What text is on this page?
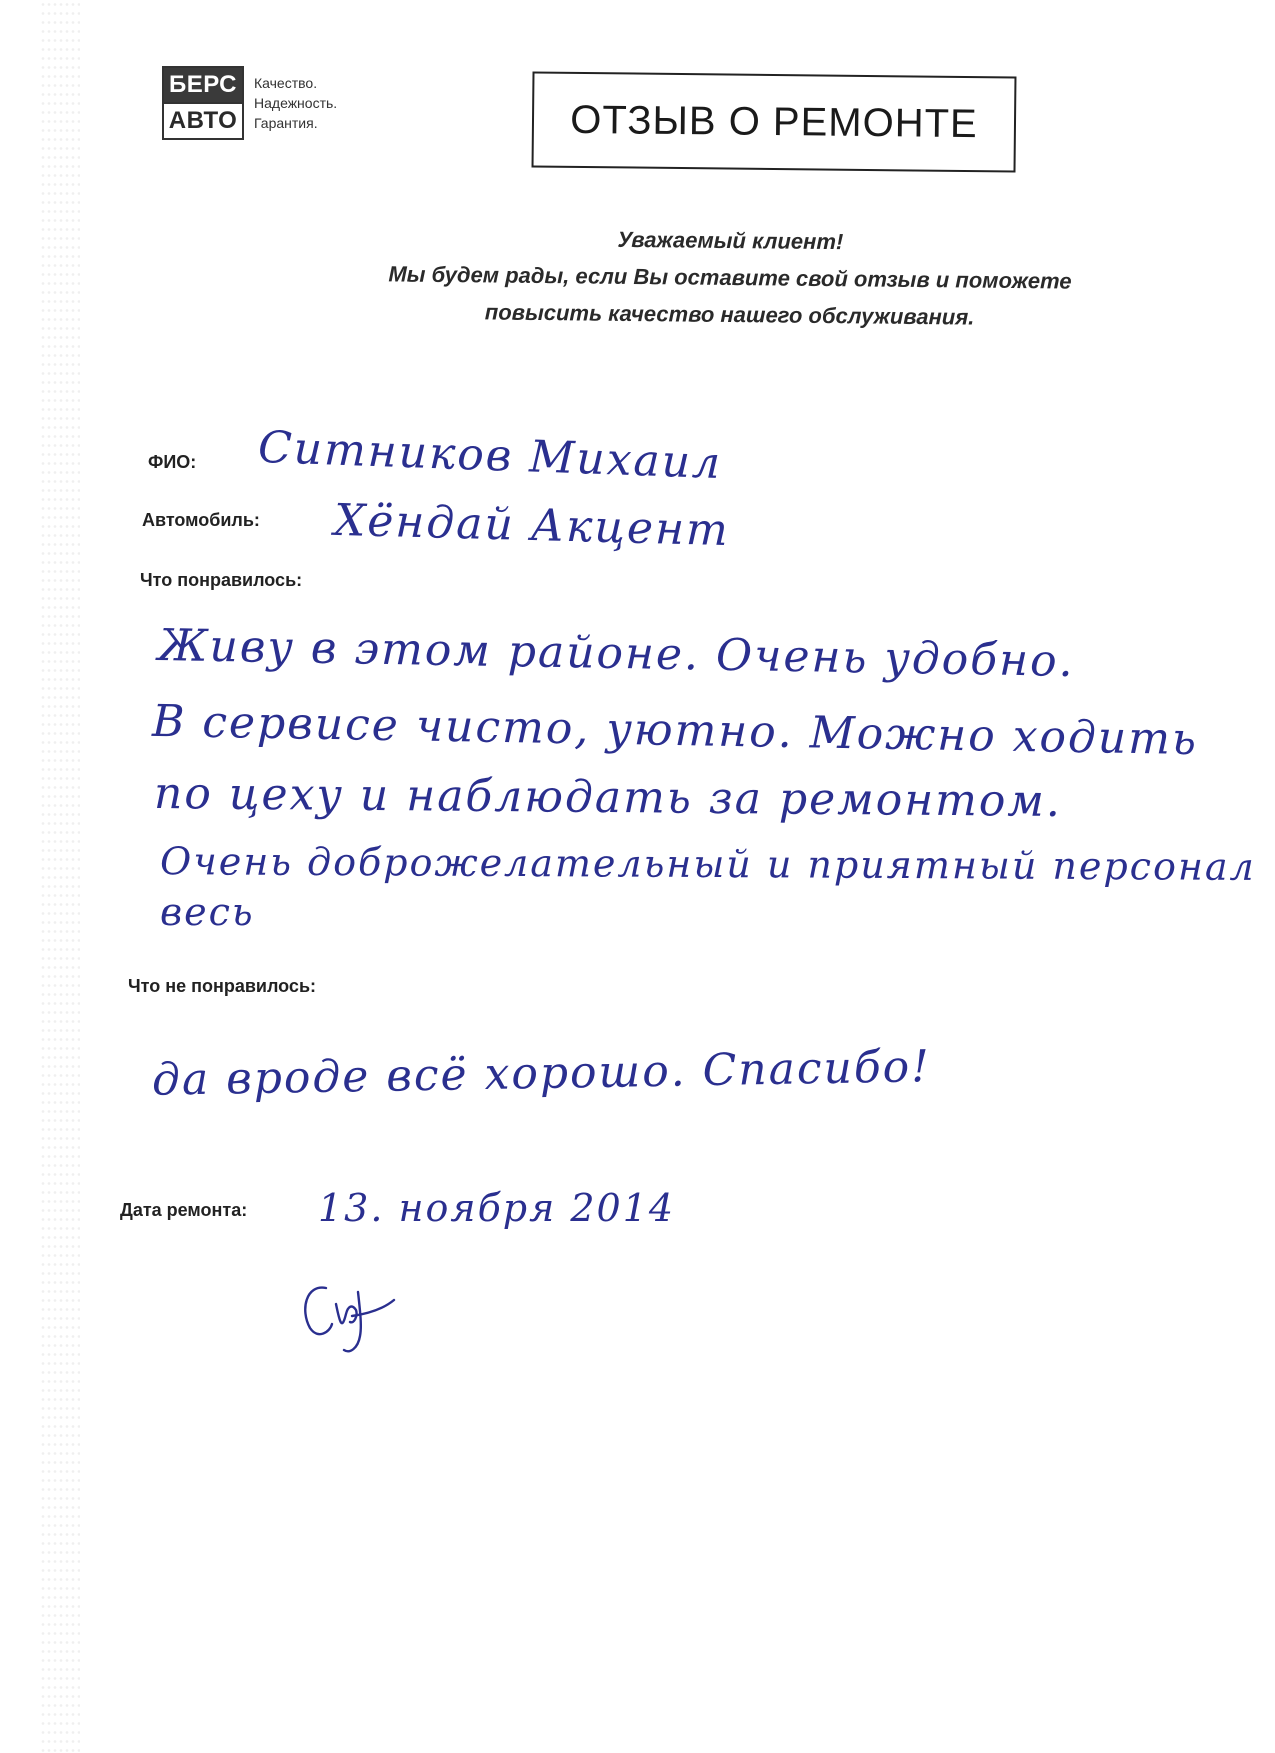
БЕРС
АВТО
Качество.
Надежность.
Гарантия.	ОТЗЫВ О РЕМОНТЕ
Уважаемый клиент!
Мы будем рады, если Вы оставите свой отзыв и поможете
повысить качество нашего обслуживания.
ФИО: Ситников Михаил
Автомобиль: Хёндай Акцент
Что понравилось:
Живу в этом районе. Очень удобно.
В сервисе чисто, уютно. Можно ходить
по цеху и наблюдать за ремонтом.
Очень доброжелательный и приятный персонал
весь
Что не понравилось:
да вроде всё хорошо. Спасибо!
Дата ремонта: 13. ноября 2014
